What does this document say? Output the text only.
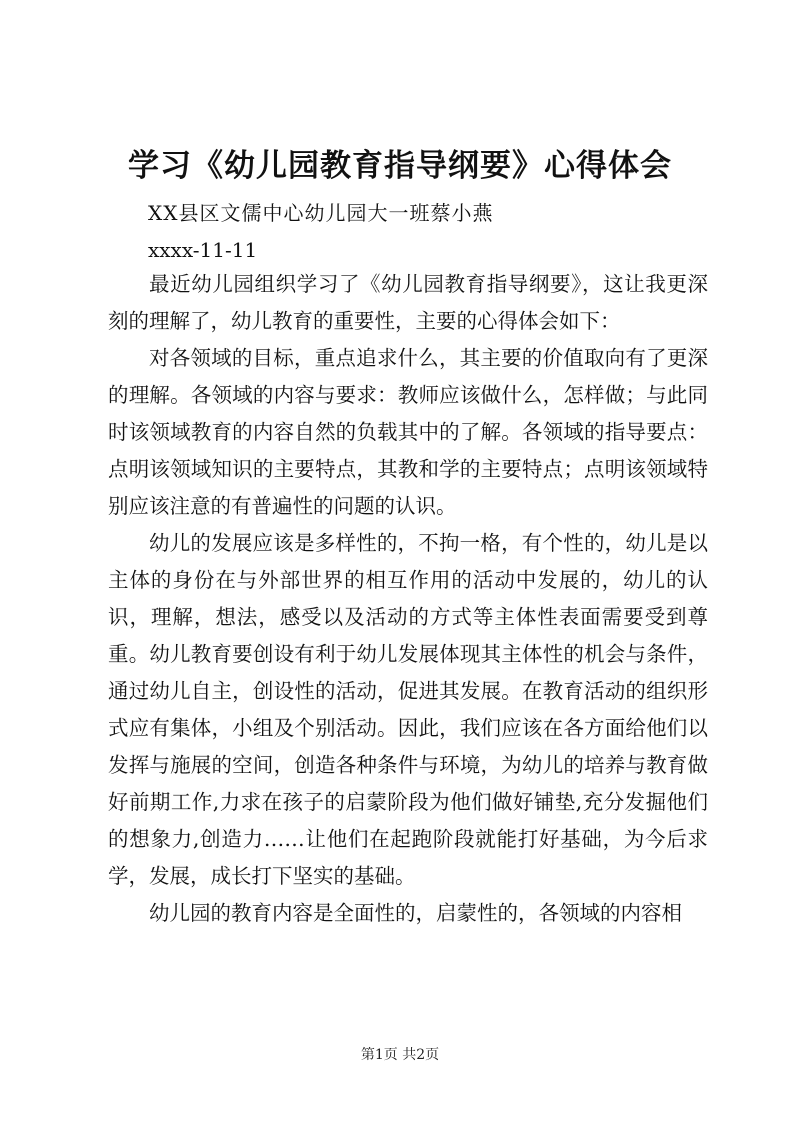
学习《幼儿园教育指导纲要》心得体会
XX县区文儒中心幼儿园大一班蔡小燕
xxxx-11-11

最近幼儿园组织学习了《幼儿园教育指导纲要》，这让我更深刻的理解了，幼儿教育的重要性，主要的心得体会如下：

对各领域的目标，重点追求什么，其主要的价值取向有了更深的理解。各领域的内容与要求：教师应该做什么，怎样做；与此同时该领域教育的内容自然的负载其中的了解。各领域的指导要点：点明该领域知识的主要特点，其教和学的主要特点；点明该领域特别应该注意的有普遍性的问题的认识。

幼儿的发展应该是多样性的，不拘一格，有个性的，幼儿是以主体的身份在与外部世界的相互作用的活动中发展的，幼儿的认识，理解，想法，感受以及活动的方式等主体性表面需要受到尊重。幼儿教育要创设有利于幼儿发展体现其主体性的机会与条件，通过幼儿自主，创设性的活动，促进其发展。在教育活动的组织形式应有集体，小组及个别活动。因此，我们应该在各方面给他们以发挥与施展的空间，创造各种条件与环境，为幼儿的培养与教育做好前期工作,力求在孩子的启蒙阶段为他们做好铺垫,充分发掘他们的想象力,创造力……让他们在起跑阶段就能打好基础，为今后求学，发展，成长打下坚实的基础。

幼儿园的教育内容是全面性的，启蒙性的，各领域的内容相

第1页 共2页
